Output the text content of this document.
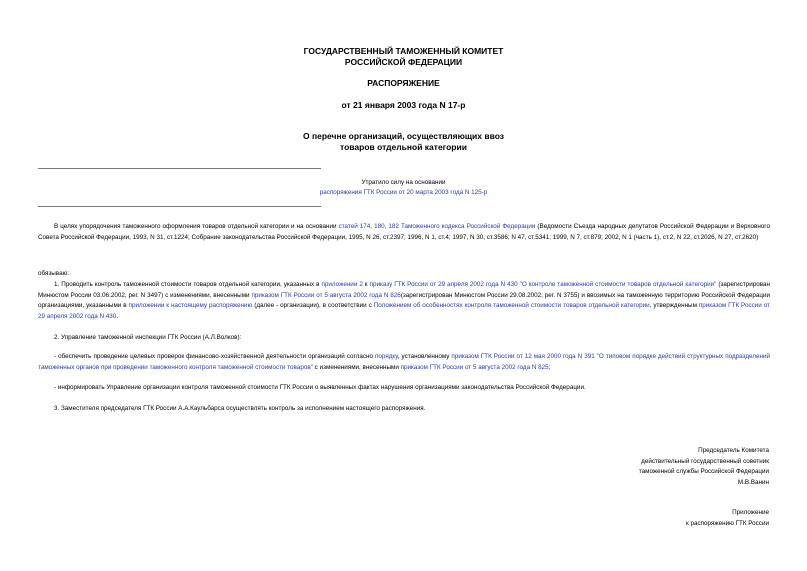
ГОСУДАРСТВЕННЫЙ ТАМОЖЕННЫЙ КОМИТЕТ
РОССИЙСКОЙ ФЕДЕРАЦИИ
РАСПОРЯЖЕНИЕ
от 21 января 2003 года N 17-р
О перечне организаций, осуществляющих ввоз
товаров отдельной категории
Утратило силу на основании
распоряжения ГТК России от 20 марта 2003 года N 125-р
В целях упорядочения таможенного оформления товаров отдельной категории и на основании статей 174, 180, 182 Таможенного кодекса Российской Федерации (Ведомости Съезда народных депутатов Российской Федерации и Верховного Совета Российской Федерации, 1993, N 31, ст.1224; Собрание законодательства Российской Федерации, 1995, N 26, ст.2397; 1996, N 1, ст.4; 1997, N 30, ст.3586; N 47, ст.5341; 1999, N 7, ст.879; 2002, N 1 (часть 1), ст.2, N 22, ст.2026, N 27, ст.2620)
обязываю:
1. Проводить контроль таможенной стоимости товаров отдельной категории, указанных в приложении 2 к приказу ГТК России от 29 апреля 2002 года N 430 "О контроле таможенной стоимости товаров отдельной категории" (зарегистрирован Минюстом России 03.06.2002, рег. N 3497) с изменениями, внесенными приказом ГТК России от 5 августа 2002 года N 826(зарегистрирован Минюстом России 29.08.2002, рег. N 3755) и ввозимых на таможенную территорию Российской Федерации организациями, указанными в приложении к настоящему распоряжению (далее - организации), в соответствии с Положением об особенностях контроля таможенной стоимости товаров отдельной категории, утвержденным приказом ГТК России от 29 апреля 2002 года N 430.
2. Управление таможенной инспекции ГТК России (А.Л.Волков):
- обеспечить проведение целевых проверок финансово-хозяйственной деятельности организаций согласно порядку, установленному приказом ГТК России от 12 мая 2000 года N 391 "О типовом порядке действий структурных подразделений таможенных органов при проведении таможенного контроля таможенной стоимости товаров" с изменениями, внесенными приказом ГТК России от 5 августа 2002 года N 825;
- информировать Управление организации контроля таможенной стоимости ГТК России о выявленных фактах нарушения организациями законодательства Российской Федерации.
3. Заместителя председателя ГТК России А.А.Каульбарса осуществлять контроль за исполнением настоящего распоряжения.
Председатель Комитета
действительный государственный советник
таможенной службы Российской Федерации
М.В.Ванин
Приложение
к распоряжению ГТК России
